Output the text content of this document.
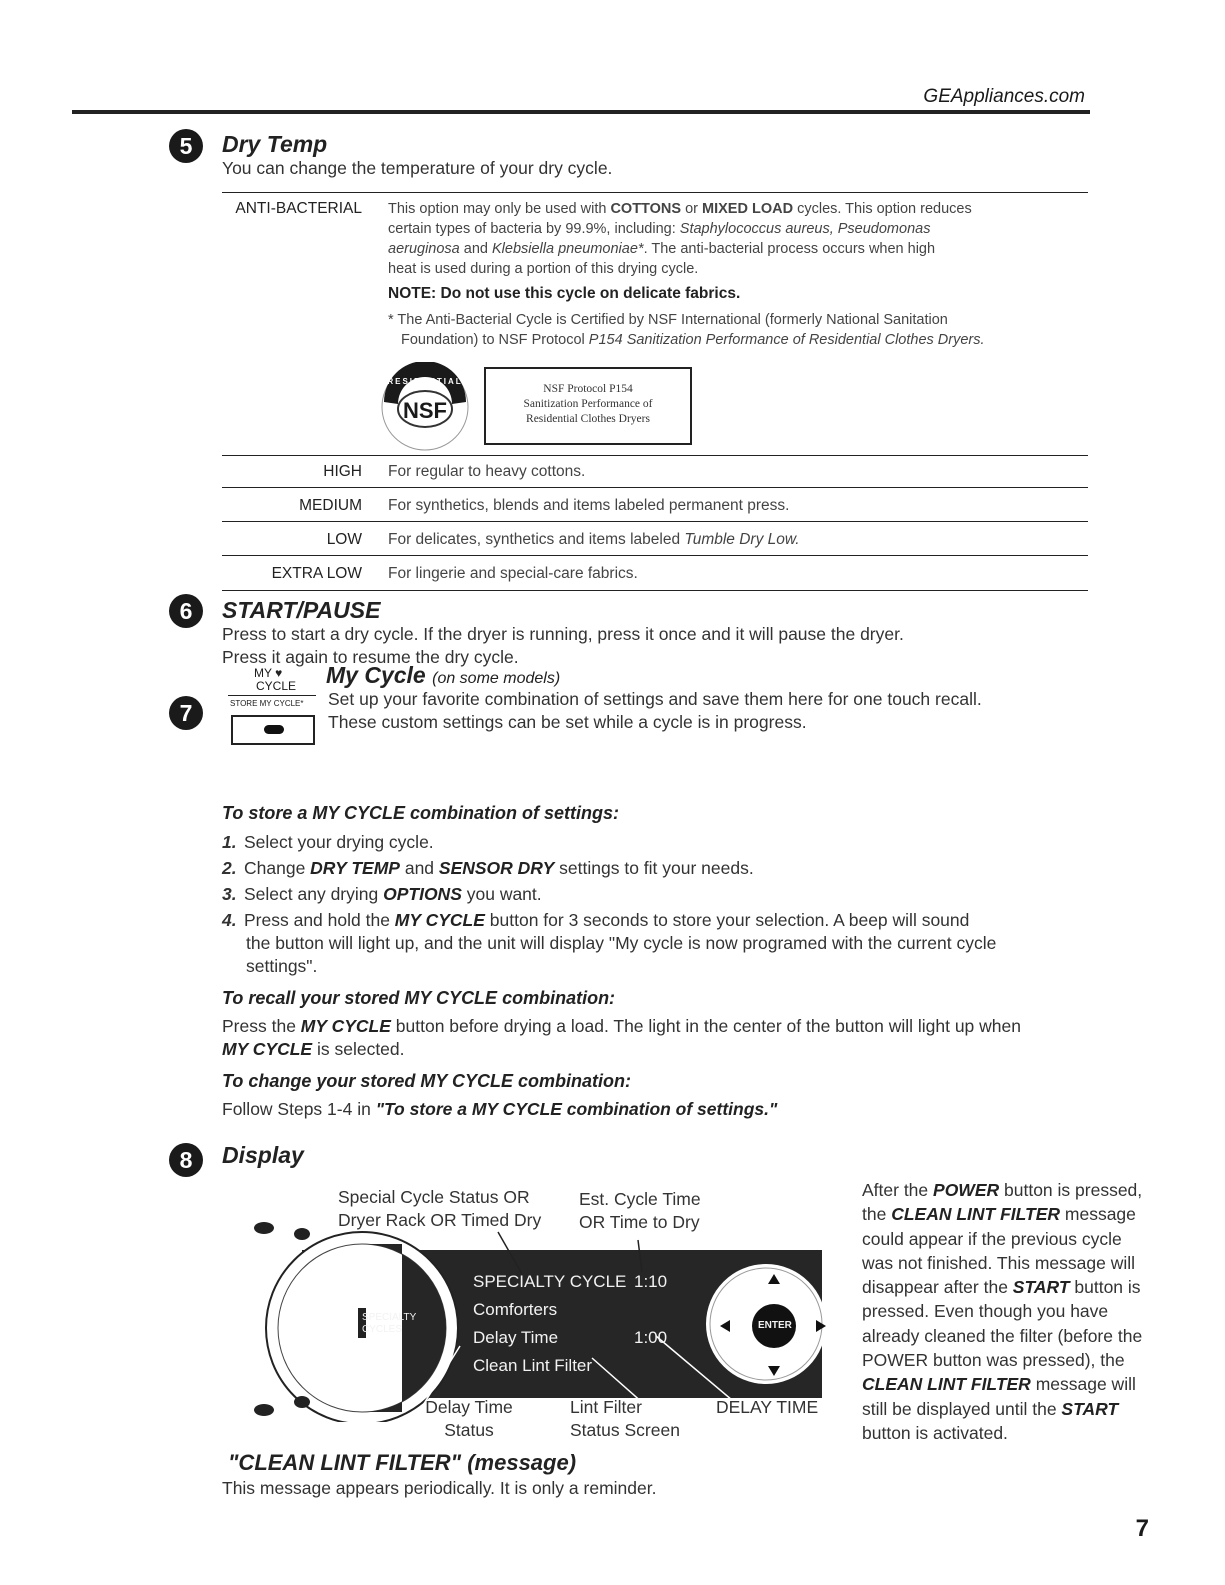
GEAppliances.com
5	Dry Temp
You can change the temperature of your dry cycle.
ANTI-BACTERIAL This option may only be used with COTTONS or MIXED LOAD cycles. This option reduces
certain types of bacteria by 99.9%, including: Staphylococcus aureus, Pseudomonas
aeruginosa and Klebsiella pneumoniae*. The anti-bacterial process occurs when high
heat is used during a portion of this drying cycle.
NOTE: Do not use this cycle on delicate fabrics.
* The Anti-Bacterial Cycle is Certified by NSF International (formerly National Sanitation
Foundation) to NSF Protocol P154 Sanitization Performance of Residential Clothes Dryers.
NSF
RESIDENTIAL
NSF Protocol P154
Sanitization Performance of
Residential Clothes Dryers
HIGH For regular to heavy cottons.
MEDIUM For synthetics, blends and items labeled permanent press.
LOW For delicates, synthetics and items labeled Tumble Dry Low.
EXTRA LOW For lingerie and special-care fabrics.
6	START/PAUSE
Press to start a dry cycle. If the dryer is running, press it once and it will pause the dryer.
Press it again to resume the dry cycle.
7
MY ♥
CYCLE
STORE MY CYCLE*
My Cycle (on some models)
Set up your favorite combination of settings and save them here for one touch recall.
These custom settings can be set while a cycle is in progress.
To store a MY CYCLE combination of settings:
1. Select your drying cycle.
2. Change DRY TEMP and SENSOR DRY settings to fit your needs.
3. Select any drying OPTIONS you want.
4. Press and hold the MY CYCLE button for 3 seconds to store your selection. A beep will sound
the button will light up, and the unit will display "My cycle is now programed with the current cycle
settings".
To recall your stored MY CYCLE combination:
Press the MY CYCLE button before drying a load. The light in the center of the button will light up when
MY CYCLE is selected.
To change your stored MY CYCLE combination:
Follow Steps 1-4 in "To store a MY CYCLE combination of settings."
8	Display
Special Cycle Status OR
Dryer Rack OR Timed Dry
Est. Cycle Time
OR Time to Dry
SPECIALTY
CYCLES
SPECIALTY CYCLE 1:10
Comforters
Delay Time	1:00
Clean Lint Filter
ENTER
Delay Time
Status
Lint Filter
Status Screen
DELAY TIME
"CLEAN LINT FILTER" (message)
This message appears periodically. It is only a reminder.
After the POWER button is pressed, the CLEAN LINT FILTER message could appear if the previous cycle was not finished. This message will disappear after the START button is pressed. Even though you have already cleaned the filter (before the POWER button was pressed), the CLEAN LINT FILTER message will still be displayed until the START button is activated.
7
